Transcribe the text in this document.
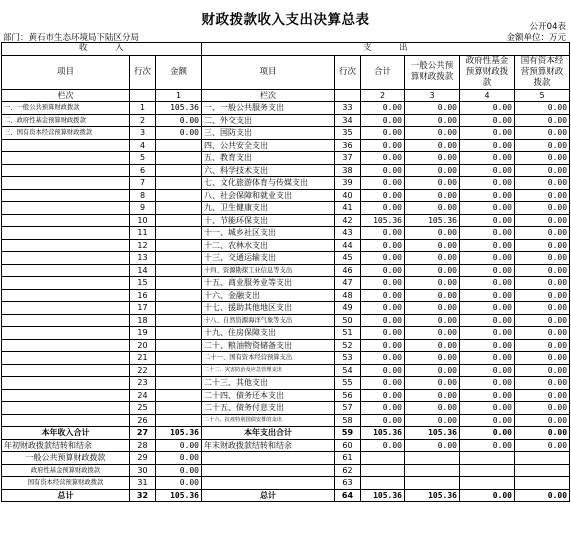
财政拨款收入支出决算总表	公开04表
部门：黄石市生态环境局下陆区分局	金额单位：万元
收　　　入			支　　　出					
项目	行次	金额	项目	行次	合计	一般公共预算财政拨款	政府性基金预算财政拨款	国有资本经营预算财政拨款
栏次		1	栏次		2	3	4	5
一、一般公共预算财政拨款	1	105.36	一、一般公共服务支出	33	0.00	0.00	0.00	0.00
二、政府性基金预算财政拨款	2	0.00	二、外交支出	34	0.00	0.00	0.00	0.00
三、国有资本经营预算财政拨款	3	0.00	三、国防支出	35	0.00	0.00	0.00	0.00
	4		四、公共安全支出	36	0.00	0.00	0.00	0.00
	5		五、教育支出	37	0.00	0.00	0.00	0.00
	6		六、科学技术支出	38	0.00	0.00	0.00	0.00
	7		七、文化旅游体育与传媒支出	39	0.00	0.00	0.00	0.00
	8		八、社会保障和就业支出	40	0.00	0.00	0.00	0.00
	9		九、卫生健康支出	41	0.00	0.00	0.00	0.00
	10		十、节能环保支出	42	105.36	105.36	0.00	0.00
	11		十一、城乡社区支出	43	0.00	0.00	0.00	0.00
	12		十二、农林水支出	44	0.00	0.00	0.00	0.00
	13		十三、交通运输支出	45	0.00	0.00	0.00	0.00
	14		十四、资源勘探工业信息等支出	46	0.00	0.00	0.00	0.00
	15		十五、商业服务业等支出	47	0.00	0.00	0.00	0.00
	16		十六、金融支出	48	0.00	0.00	0.00	0.00
	17		十七、援助其他地区支出	49	0.00	0.00	0.00	0.00
	18		十八、自然资源海洋气象等支出	50	0.00	0.00	0.00	0.00
	19		十九、住房保障支出	51	0.00	0.00	0.00	0.00
	20		二十、粮油物资储备支出	52	0.00	0.00	0.00	0.00
	21		二十一、国有资本经营预算支出	53	0.00	0.00	0.00	0.00
	22		二十二、灾害防治及应急管理支出	54	0.00	0.00	0.00	0.00
	23		二十三、其他支出	55	0.00	0.00	0.00	0.00
	24		二十四、债务还本支出	56	0.00	0.00	0.00	0.00
	25		二十五、债务付息支出	57	0.00	0.00	0.00	0.00
	26		二十六、抗疫特别国债安排的支出	58	0.00	0.00	0.00	0.00
本年收入合计	27	105.36	本年支出合计	59	105.36	105.36	0.00	0.00
年初财政拨款结转和结余	28	0.00	年末财政拨款结转和结余	60	0.00	0.00	0.00	0.00
一般公共预算财政拨款	29	0.00		61				
政府性基金预算财政拨款	30	0.00		62				
国有资本经营预算财政拨款	31	0.00		63				
总计	32	105.36	总计	64	105.36	105.36	0.00	0.00
